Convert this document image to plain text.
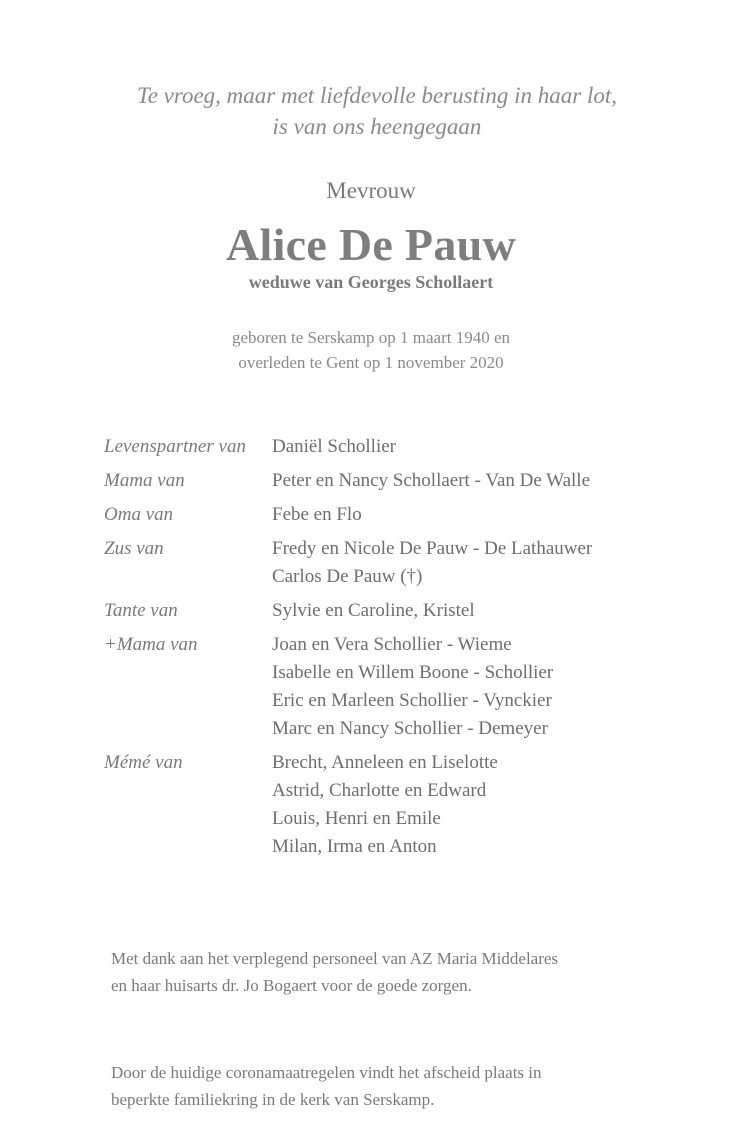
Te vroeg, maar met liefdevolle berusting in haar lot,
is van ons heengegaan
Mevrouw
Alice De Pauw
weduwe van Georges Schollaert
geboren te Serskamp op 1 maart 1940 en
overleden te Gent op 1 november 2020
Levenspartner van	Daniël Schollier
Mama van	Peter en Nancy Schollaert - Van De Walle
Oma van	Febe en Flo
Zus van	Fredy en Nicole De Pauw - De Lathauwer
Carlos De Pauw (†)
Tante van	Sylvie en Caroline, Kristel
+Mama van	Joan en Vera Schollier - Wieme
Isabelle en Willem Boone - Schollier
Eric en Marleen Schollier - Vynckier
Marc en Nancy Schollier - Demeyer
Mémé van	Brecht, Anneleen en Liselotte
Astrid, Charlotte en Edward
Louis, Henri en Emile
Milan, Irma en Anton

Met dank aan het verplegend personeel van AZ Maria Middelares
en haar huisarts dr. Jo Bogaert voor de goede zorgen.

Door de huidige coronamaatregelen vindt het afscheid plaats in
beperkte familiekring in de kerk van Serskamp.
